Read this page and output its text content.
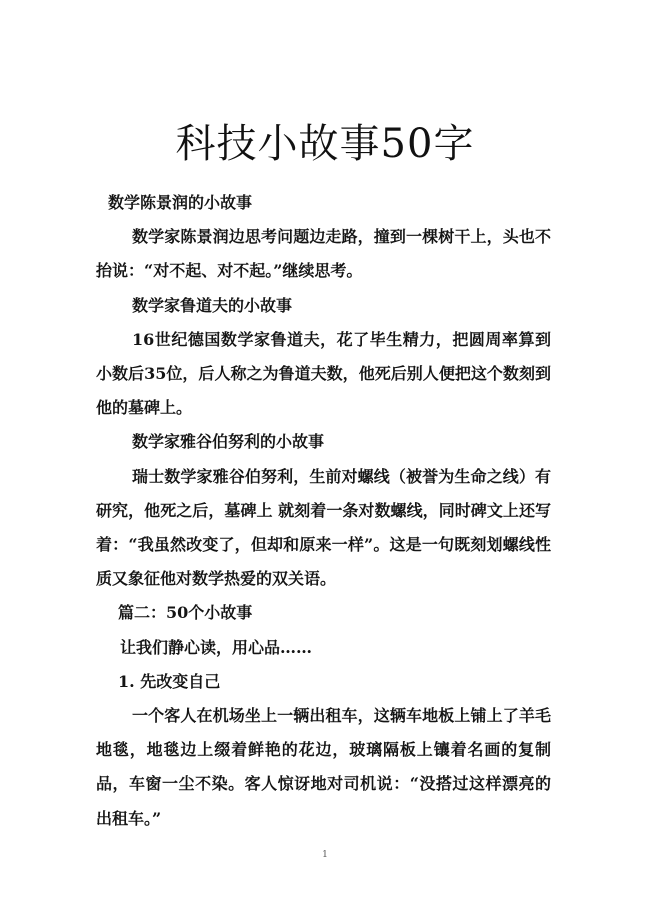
科技小故事50字

数学陈景润的小故事

数学家陈景润边思考问题边走路，撞到一棵树干上，头也不抬说：“对不起、对不起。”继续思考。

数学家鲁道夫的小故事

16世纪德国数学家鲁道夫，花了毕生精力，把圆周率算到小数后35位，后人称之为鲁道夫数，他死后别人便把这个数刻到他的墓碑上。

数学家雅谷伯努利的小故事

瑞士数学家雅谷伯努利，生前对螺线（被誉为生命之线）有研究，他死之后，墓碑上 就刻着一条对数螺线，同时碑文上还写着：“我虽然改变了，但却和原来一样”。这是一句既刻划螺线性质又象征他对数学热爱的双关语。

篇二：50个小故事

让我们静心读，用心品……

1. 先改变自己

一个客人在机场坐上一辆出租车，这辆车地板上铺上了羊毛地毯，地毯边上缀着鲜艳的花边，玻璃隔板上镶着名画的复制品，车窗一尘不染。客人惊讶地对司机说：“没搭过这样漂亮的出租车。”

1
